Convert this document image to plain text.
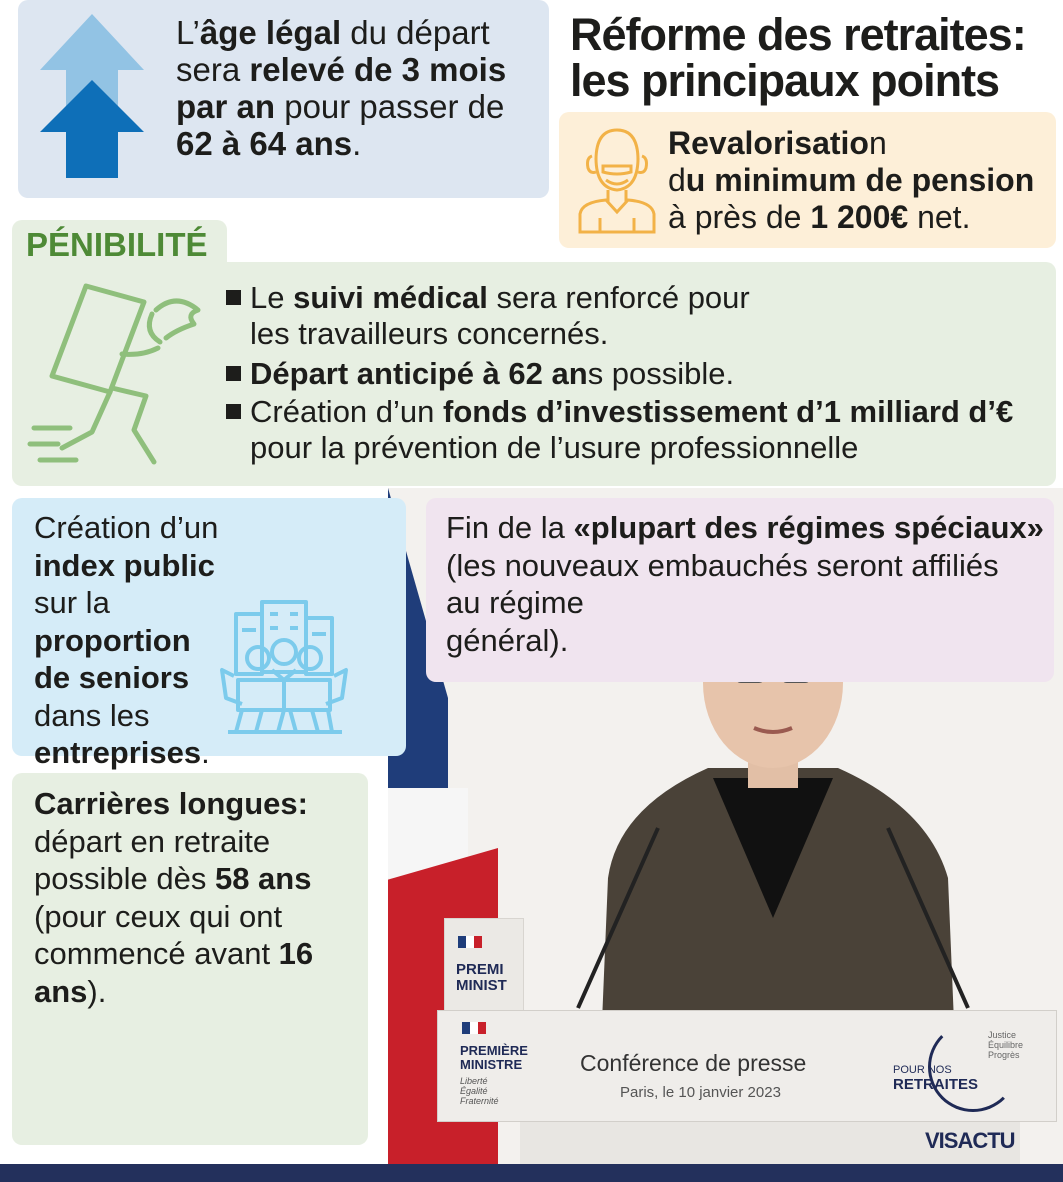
L’âge légal du départ sera relevé de 3 mois par an pour passer de 62 à 64 ans.
Réforme des retraites:
les principaux points
Revalorisation
du minimum de pension
à près de 1 200€ net.
PÉNIBILITÉ
Le suivi médical sera renforcé pour
les travailleurs concernés.
Départ anticipé à 62 ans possible.
Création d’un fonds d’investissement d’1 milliard d’€
pour la prévention de l’usure professionnelle
PREMI
MINIST
Fin de la «plupart des régimes spéciaux»
(les nouveaux embauchés seront affiliés
au régime
général).
PREMIÈRE
MINISTRE
Liberté
Égalité
Fraternité
Conférence de presse
Paris, le 10 janvier 2023
POUR NOS
RETRAITES
Justice
Équilibre
Progrès
Création d’un index public sur la proportion de seniors dans les entreprises.
Carrières longues: départ en retraite possible dès 58 ans (pour ceux qui ont commencé avant 16 ans).
VISACTU
